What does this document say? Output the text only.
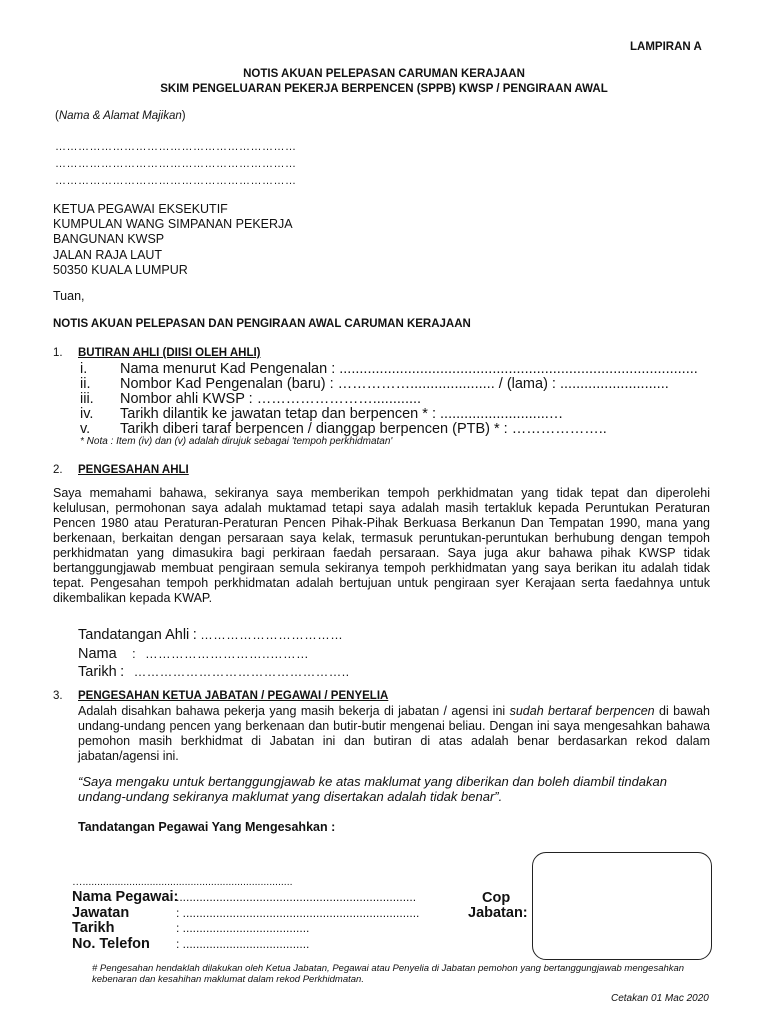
LAMPIRAN A
NOTIS AKUAN PELEPASAN CARUMAN KERAJAAN
SKIM PENGELUARAN PEKERJA BERPENCEN (SPPB) KWSP / PENGIRAAN AWAL
(Nama & Alamat Majikan)
………………………………………………………
………………………………………………………
………………………………………………………
KETUA PEGAWAI EKSEKUTIF
KUMPULAN WANG SIMPANAN PEKERJA
BANGUNAN KWSP
JALAN RAJA LAUT
50350 KUALA LUMPUR
Tuan,
NOTIS AKUAN PELEPASAN DAN PENGIRAAN AWAL CARUMAN KERAJAAN
1. BUTIRAN AHLI (DIISI OLEH AHLI)
i. Nama menurut Kad Pengenalan : .........................................................................................
ii. Nombor Kad Pengenalan (baru) : ……………..................... / (lama) : ...........................
iii. Nombor ahli KWSP : ……………………............
iv. Tarikh dilantik ke jawatan tetap dan berpencen * : ...........................…
v. Tarikh diberi taraf berpencen / dianggap berpencen (PTB) * : ………………..
* Nota : Item (iv) dan (v) adalah dirujuk sebagai 'tempoh perkhidmatan'
2. PENGESAHAN AHLI
Saya memahami bahawa, sekiranya saya memberikan tempoh perkhidmatan yang tidak tepat dan diperolehi kelulusan, permohonan saya adalah muktamad tetapi saya adalah masih tertakluk kepada Peruntukan Peraturan Pencen 1980 atau Peraturan-Peraturan Pencen Pihak-Pihak Berkuasa Berkanun Dan Tempatan 1990, mana yang berkenaan, berkaitan dengan persaraan saya kelak, termasuk peruntukan-peruntukan berhubung dengan tempoh perkhidmatan yang dimasukira bagi perkiraan faedah persaraan. Saya juga akur bahawa pihak KWSP tidak bertanggungjawab membuat pengiraan semula sekiranya tempoh perkhidmatan yang saya berikan itu adalah tidak tepat. Pengesahan tempoh perkhidmatan adalah bertujuan untuk pengiraan syer Kerajaan serta faedahnya untuk dikembalikan kepada KWAP.
Tandatangan Ahli : ……………………………
Nama : ………………………..………
Tarikh : …………………………………………..
3. PENGESAHAN KETUA JABATAN / PEGAWAI / PENYELIA
Adalah disahkan bahawa pekerja yang masih bekerja di jabatan / agensi ini sudah bertaraf berpencen di bawah undang-undang pencen yang berkenaan dan butir-butir mengenai beliau. Dengan ini saya mengesahkan bahawa pemohon masih berkhidmat di Jabatan ini dan butiran di atas adalah benar berdasarkan rekod dalam jabatan/agensi ini.
“Saya mengaku untuk bertanggungjawab ke atas maklumat yang diberikan dan boleh diambil tindakan undang-undang sekiranya maklumat yang disertakan adalah tidak benar”.
Tandatangan Pegawai Yang Mengesahkan :
…........................................................................
Nama Pegawai:........................................................................
Jawatan	: .......................................................................
Tarikh	: ......................................
No. Telefon : ......................................
Cop
Jabatan:
# Pengesahan hendaklah dilakukan oleh Ketua Jabatan, Pegawai atau Penyelia di Jabatan pemohon yang bertanggungjawab mengesahkan kebenaran dan kesahihan maklumat dalam rekod Perkhidmatan.
Cetakan 01 Mac 2020
